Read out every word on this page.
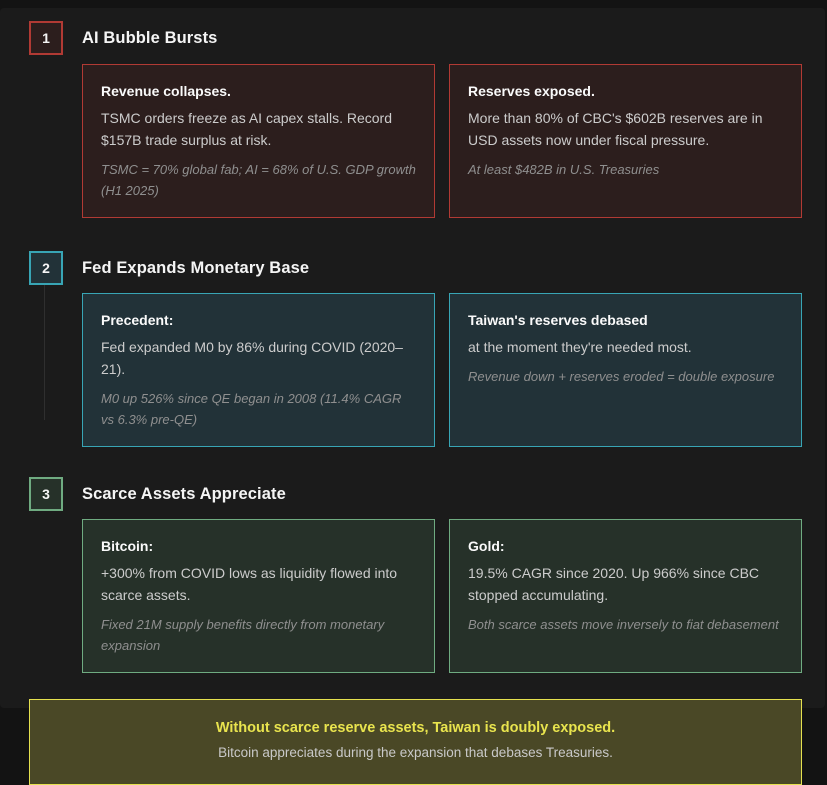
1 AI Bubble Bursts
Revenue collapses.
TSMC orders freeze as AI capex stalls. Record $157B trade surplus at risk.
TSMC = 70% global fab; AI = 68% of U.S. GDP growth (H1 2025)
Reserves exposed.
More than 80% of CBC's $602B reserves are in USD assets now under fiscal pressure.
At least $482B in U.S. Treasuries
2 Fed Expands Monetary Base
Precedent:
Fed expanded M0 by 86% during COVID (2020–21).
M0 up 526% since QE began in 2008 (11.4% CAGR vs 6.3% pre-QE)
Taiwan's reserves debased
at the moment they're needed most.
Revenue down + reserves eroded = double exposure
3 Scarce Assets Appreciate
Bitcoin:
+300% from COVID lows as liquidity flowed into scarce assets.
Fixed 21M supply benefits directly from monetary expansion
Gold:
19.5% CAGR since 2020. Up 966% since CBC stopped accumulating.
Both scarce assets move inversely to fiat debasement
Without scarce reserve assets, Taiwan is doubly exposed.
Bitcoin appreciates during the expansion that debases Treasuries.
